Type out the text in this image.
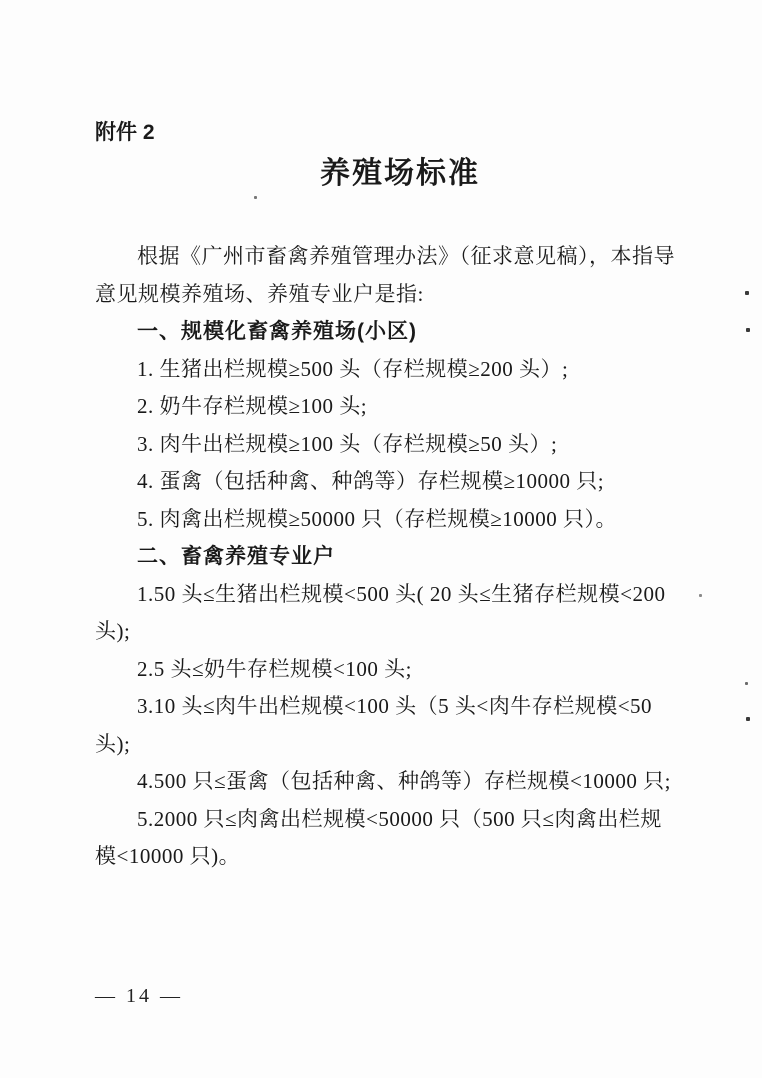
附件 2
养殖场标准
根据《广州市畜禽养殖管理办法》（征求意见稿），本指导
意见规模养殖场、养殖专业户是指:
一、规模化畜禽养殖场(小区)
1. 生猪出栏规模≥500 头（存栏规模≥200 头）;
2. 奶牛存栏规模≥100 头;
3. 肉牛出栏规模≥100 头（存栏规模≥50 头）;
4. 蛋禽（包括种禽、种鸽等）存栏规模≥10000 只;
5. 肉禽出栏规模≥50000 只（存栏规模≥10000 只）。
二、畜禽养殖专业户
1.50 头≤生猪出栏规模<500 头( 20 头≤生猪存栏规模<200
头);
2.5 头≤奶牛存栏规模<100 头;
3.10 头≤肉牛出栏规模<100 头（5 头<肉牛存栏规模<50
头);
4.500 只≤蛋禽（包括种禽、种鸽等）存栏规模<10000 只;
5.2000 只≤肉禽出栏规模<50000 只（500 只≤肉禽出栏规
模<10000 只)。
— 14 —
